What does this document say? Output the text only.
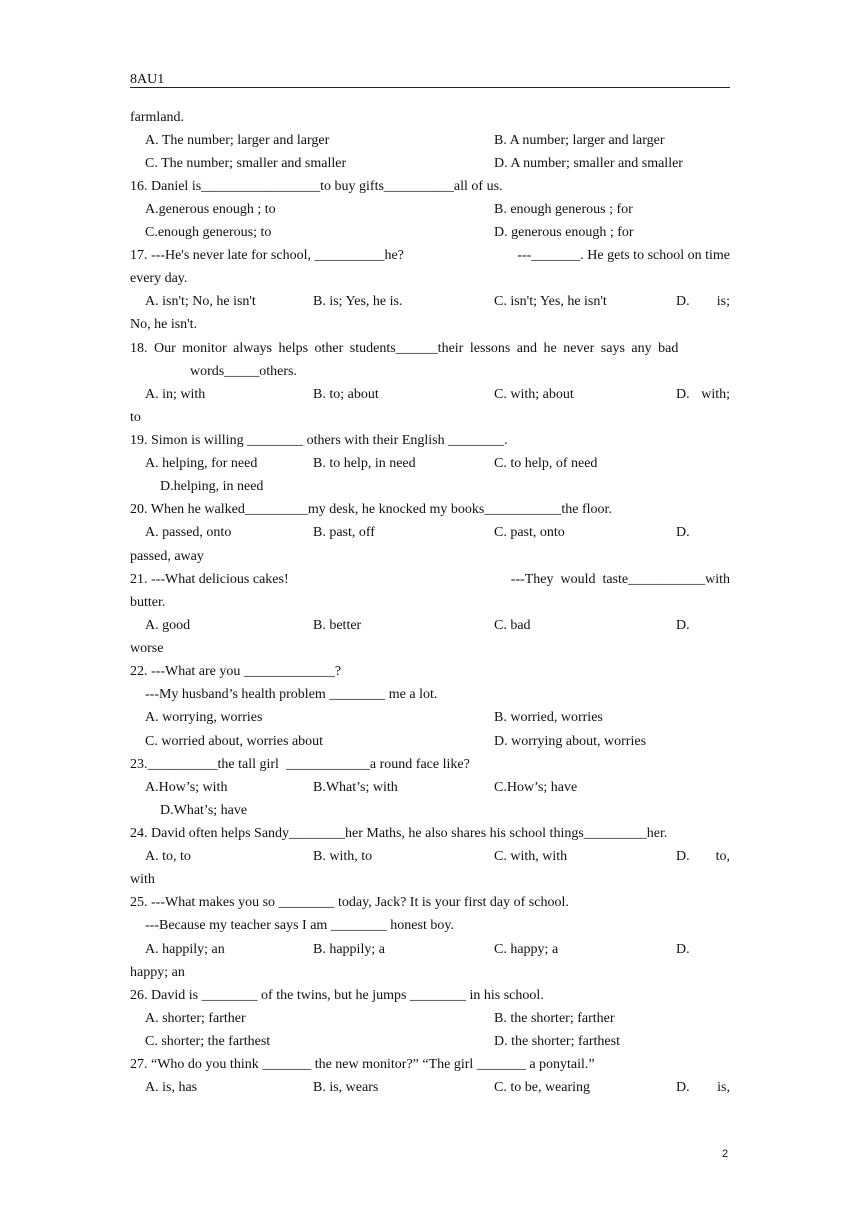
8AU1
farmland.
A. The number; larger and larger	B. A number; larger and larger
C. The number; smaller and smaller	D. A number; smaller and smaller
16. Daniel is_________________to buy gifts__________all of us.
A.generous enough ; to	B. enough generous ; for
C.enough generous; to	D. generous enough ; for
17. ---He's never late for school, __________he?	---_______. He gets to school on time
every day.
A. isn't; No, he isn't	B. is; Yes, he is.	C. isn't; Yes, he isn't	D. is;
No, he isn't.
18. Our monitor always helps other students______their lessons and he never says any bad
words_____others.
A. in; with	B. to; about	C. with; about	D. with;
to
19. Simon is willing ________ others with their English ________.
A. helping, for need	B. to help, in need	C. to help, of need
D.helping, in need
20. When he walked_________my desk, he knocked my books___________the floor.
A. passed, onto	B. past, off	C. past, onto	D.
passed, away
21. ---What delicious cakes!	---They  would  taste___________with
butter.
A. good	B. better	C. bad	D.
worse
22. ---What are you _____________?
---My husband’s health problem ________ me a lot.
A. worrying, worries	B. worried, worries
C. worried about, worries about	D. worrying about, worries
23.__________the tall girl  ____________a round face like?
A.How’s; with	B.What’s; with	C.How’s; have
D.What’s; have
24. David often helps Sandy________her Maths, he also shares his school things_________her.
A. to, to	B. with, to	C. with, with	D. to,
with
25. ---What makes you so ________ today, Jack? It is your first day of school.
---Because my teacher says I am ________ honest boy.
A. happily; an	B. happily; a	C. happy; a	D.
happy; an
26. David is ________ of the twins, but he jumps ________ in his school.
A. shorter; farther	B. the shorter; farther
C. shorter; the farthest	D. the shorter; farthest
27. “Who do you think _______ the new monitor?” “The girl _______ a ponytail.”
A. is, has	B. is, wears	C. to be, wearing	D. is,
2
